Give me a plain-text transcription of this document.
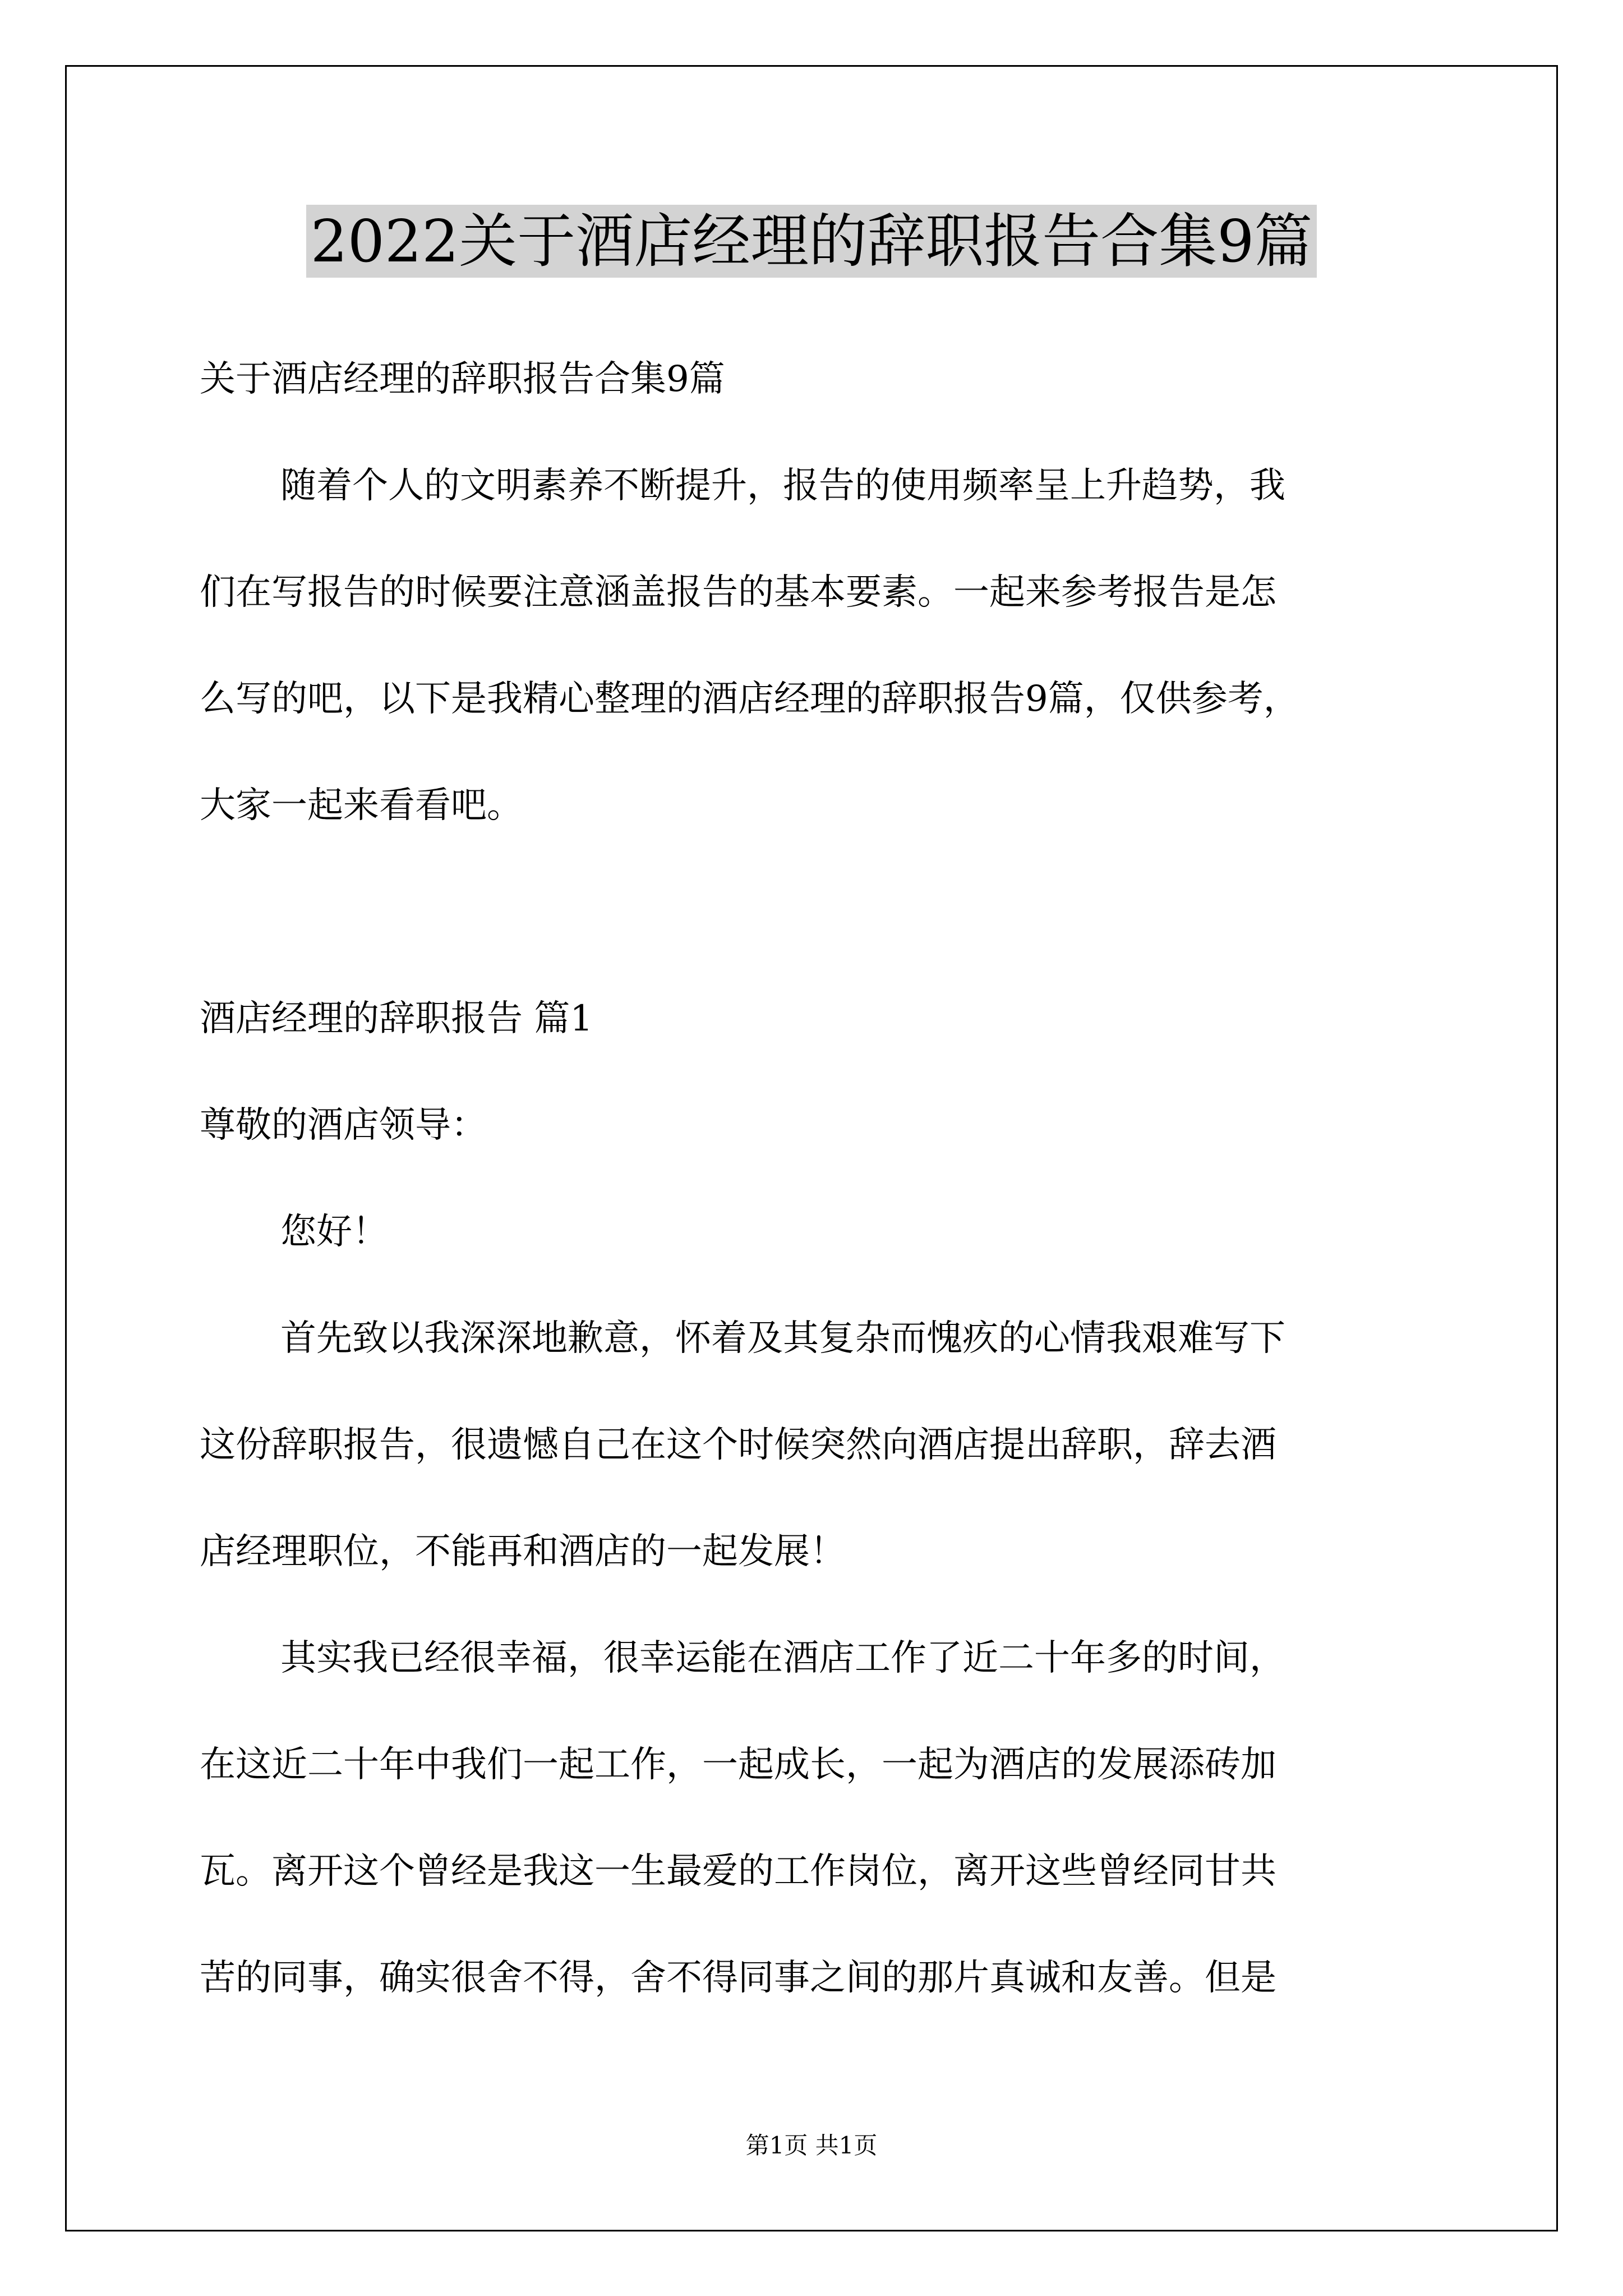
2022关于酒店经理的辞职报告合集9篇
关于酒店经理的辞职报告合集9篇
随着个人的文明素养不断提升，报告的使用频率呈上升趋势，我
们在写报告的时候要注意涵盖报告的基本要素。一起来参考报告是怎
么写的吧，以下是我精心整理的酒店经理的辞职报告9篇，仅供参考，
大家一起来看看吧。
酒店经理的辞职报告 篇1
尊敬的酒店领导：
您好！
首先致以我深深地歉意，怀着及其复杂而愧疚的心情我艰难写下
这份辞职报告，很遗憾自己在这个时候突然向酒店提出辞职，辞去酒
店经理职位，不能再和酒店的一起发展！
其实我已经很幸福，很幸运能在酒店工作了近二十年多的时间，
在这近二十年中我们一起工作，一起成长，一起为酒店的发展添砖加
瓦。离开这个曾经是我这一生最爱的工作岗位，离开这些曾经同甘共
苦的同事，确实很舍不得，舍不得同事之间的那片真诚和友善。但是
第1页 共1页
